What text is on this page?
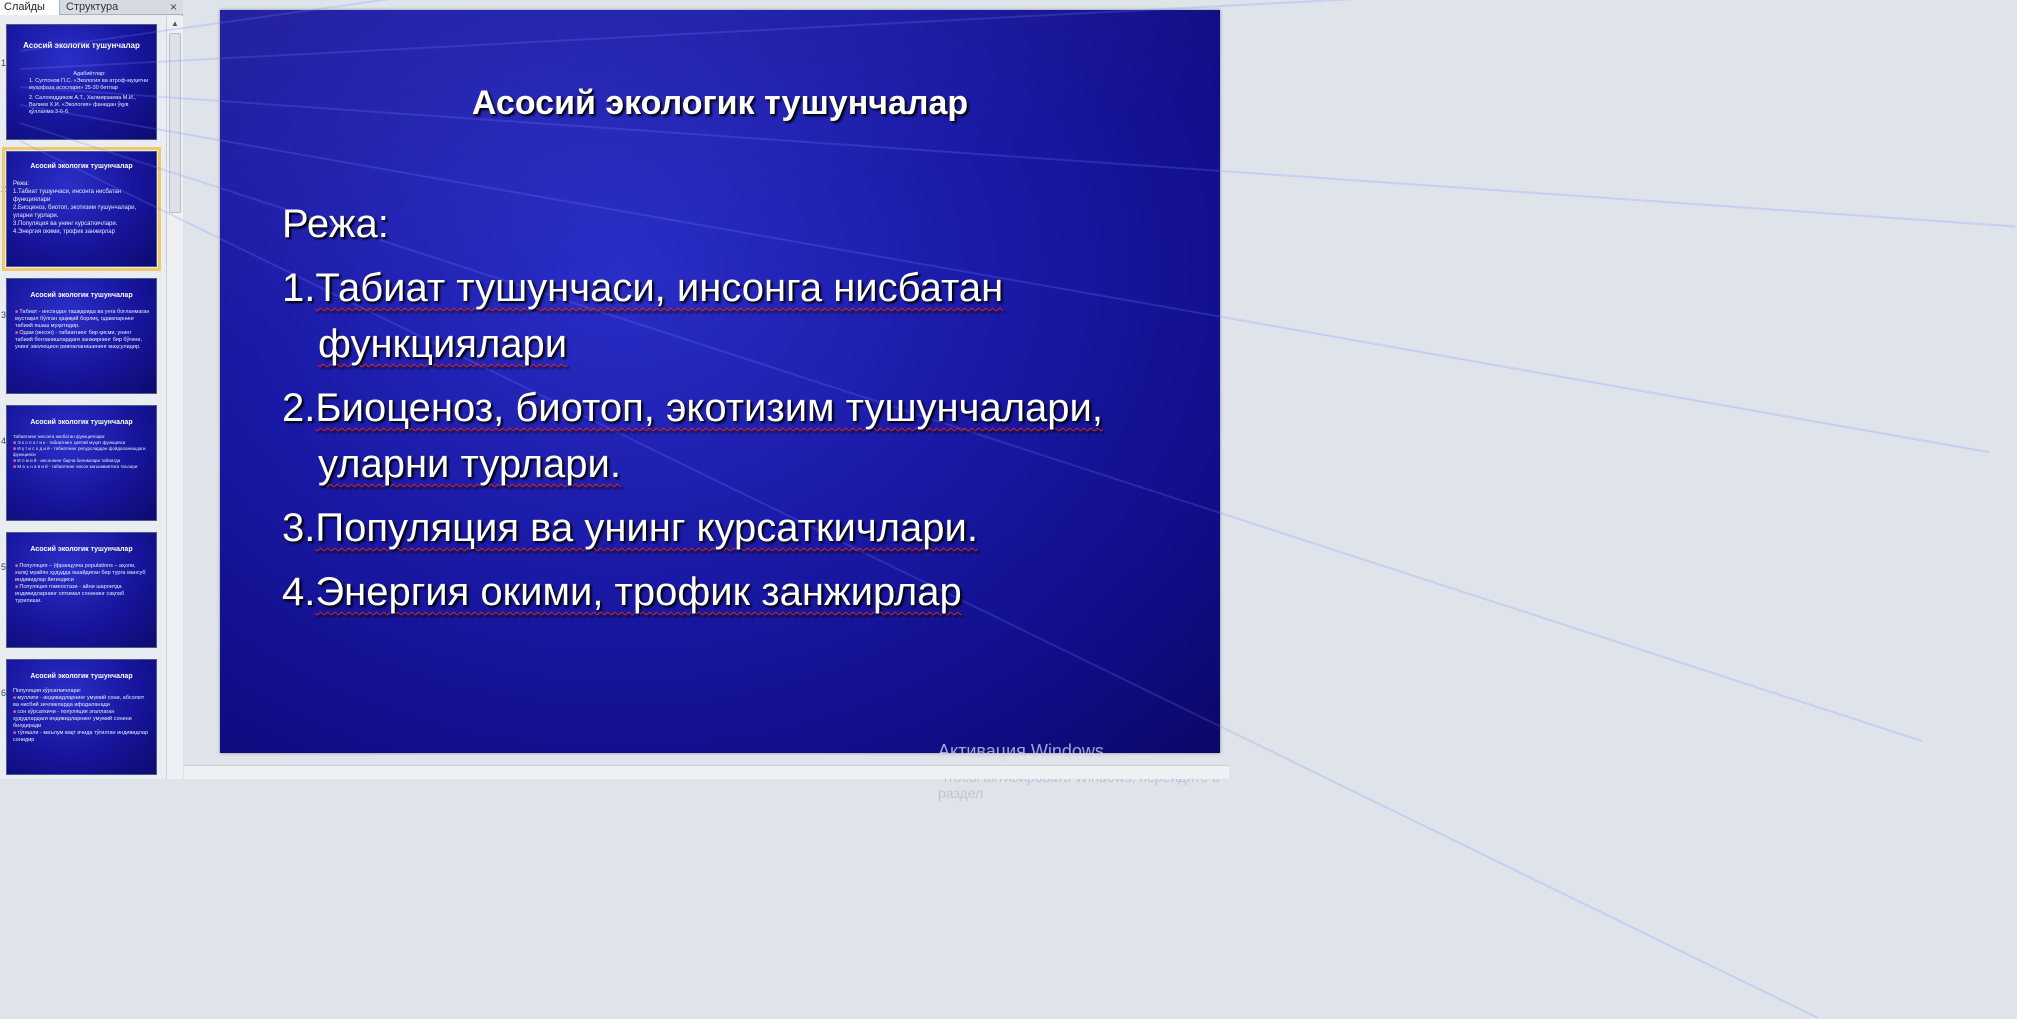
Слайды	Структура	×
1
Асосий экологик тушунчалар
Адабиётлар:
1. Султонов П.С. «Экология ва атроф-муҳитни муҳофаза асослари» 25-30 бетлар
2. Салохиддинов А.Т., Халмирзаева М.И., Валиев Х.И. «Экология» фанидан ўқув қўлланма 3-6-б.
2
Асосий экологик тушунчалар
Режа:
1.Табиат тушунчаси, инсонга нисбатан функциялари
2.Биоценоз, биотоп, экотизим тушунчалари, уларни турлари.
3.Популяция ва унинг курсаткичлари.
4.Энергия окими, трофик занжирлар
3
Асосий экологик тушунчалар
■ Табиат - инсондан ташқарида ва унга боғланмаган мустақил бўлган ҳақиқий борлиқ, одамларнинг табиий яшаш муҳитидир.
■ Одам (инсон) - табиатнинг бир қисми, унинг табиий боғланишлардаги занжирнинг бир бўғини, унинг эволюцион ривожланишининг маҳсулидир.
4
Асосий экологик тушунчалар
Табиатнинг инсонга нисбатан функциялари:
■ Э к о л о г и к - табиатнинг ҳаётий муҳит функцияси
■ И қ т и с о д и й - табиатнинг ресурслардан фойдаланишдаги функцияси
■ И л м и й - инсоннинг барча билимлари табиатда
■ М а ъ н а в и й - табиатнинг инсон маънавиятига таъсири
5
Асосий экологик тушунчалар
■ Популяция – (французча populations – аҳоли, халқ) муайян ҳудудда яшайдиган бир турга мансуб индивидлар йиғиндиси
■ Популяция гомеостази - айни шароитда индивидларнинг оптимал сонининг сақлаб турилиши.
6
Асосий экологик тушунчалар
Популяция кўрсаткичлари:
■ муллиги - индивидларнинг умумий сони, абсолют ва нисбий зичликларда ифодаланади
■ сон кўрсаткичи - популяция эгаллаган ҳудудлардаги индивидларнинг умумий сонини билдиради
■ тўғишли - маълум вақт ичида тўғилган индивидлар сонидир
▲
Асосий экологик тушунчалар
Режа:
1.Табиат тушунчаси, инсонга нисбатан функциялари
2.Биоценоз, биотоп, экотизим тушунчалари, уларни турлари.
3.Популяция ва унинг курсаткичлари.
4.Энергия окими, трофик занжирлар
Активация Windows
раздел
